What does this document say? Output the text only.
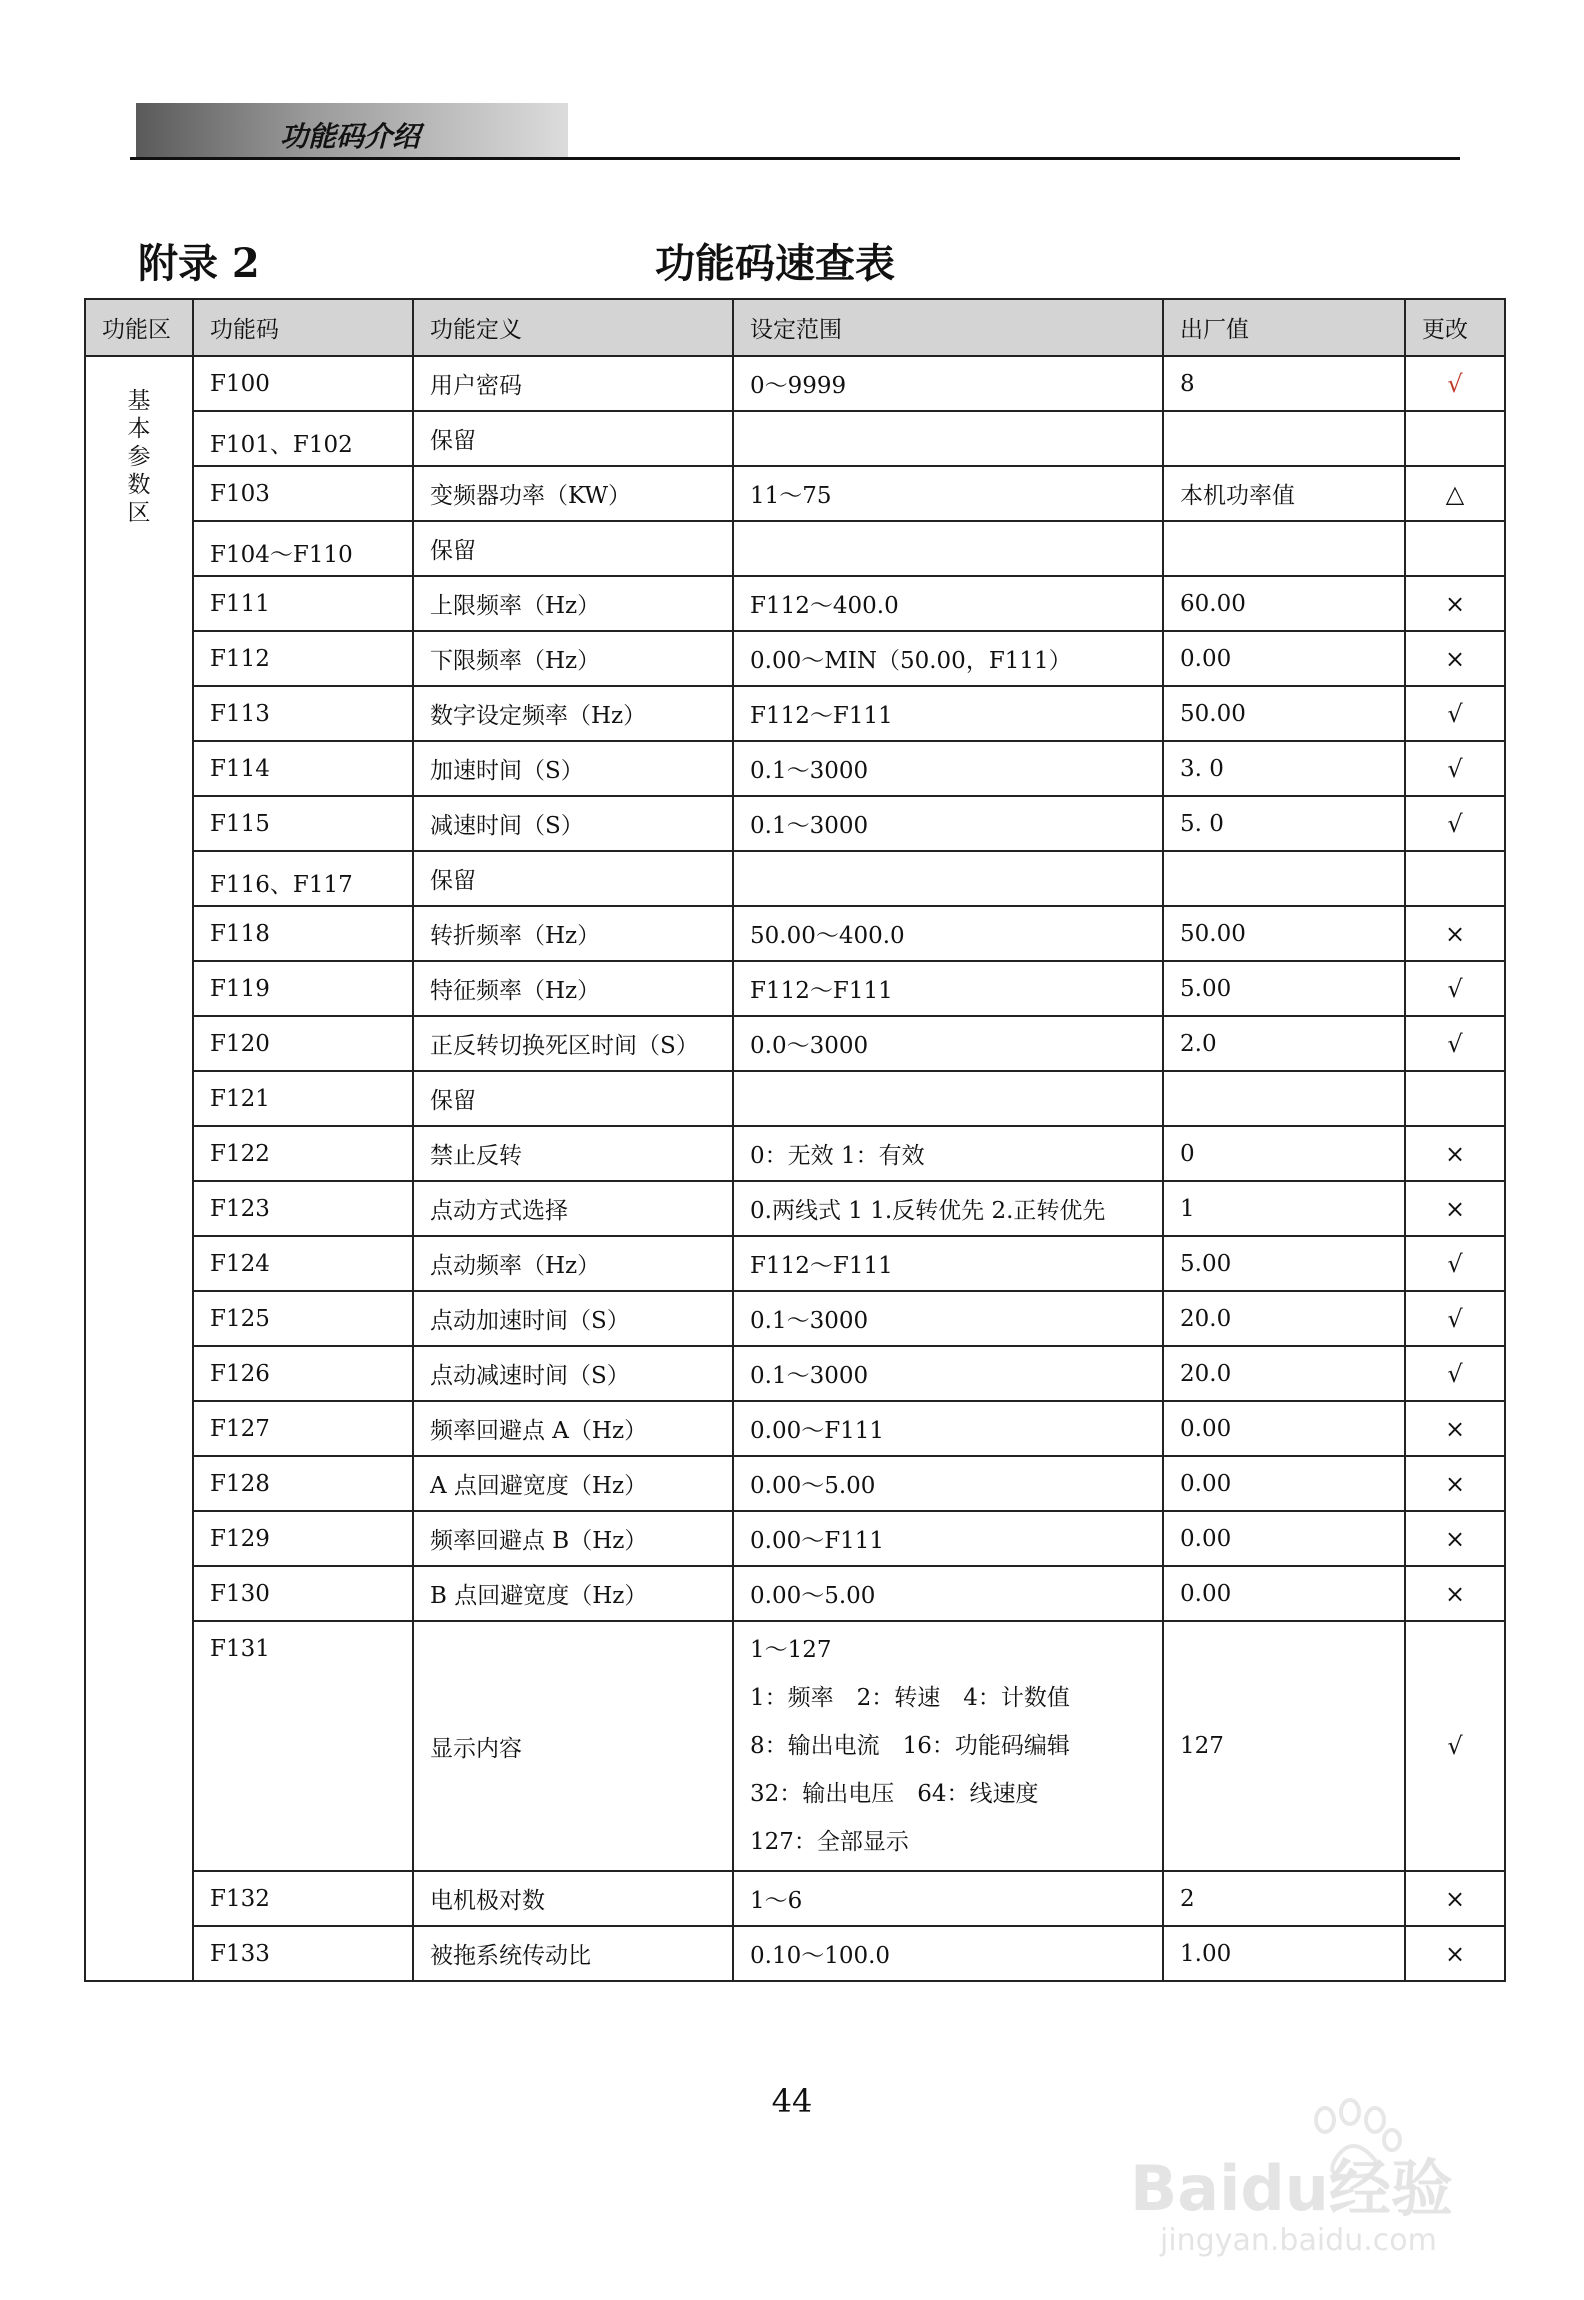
功能码介绍
附录 2	功能码速查表
功能区	功能码	功能定义	设定范围	出厂值	更改
基本参数区	F100	用户密码	0～9999	8	√
	F101、F102	保留			
	F103	变频器功率（KW）	11～75	本机功率值	△
	F104～F110	保留			
	F111	上限频率（Hz）	F112～400.0	60.00	×
	F112	下限频率（Hz）	0.00～MIN（50.00，F111）	0.00	×
	F113	数字设定频率（Hz）	F112～F111	50.00	√
	F114	加速时间（S）	0.1～3000	3. 0	√
	F115	减速时间（S）	0.1～3000	5. 0	√
	F116、F117	保留			
	F118	转折频率（Hz）	50.00～400.0	50.00	×
	F119	特征频率（Hz）	F112～F111	5.00	√
	F120	正反转切换死区时间（S）	0.0～3000	2.0	√
	F121	保留			
	F122	禁止反转	0：无效 1：有效	0	×
	F123	点动方式选择	0.两线式 1 1.反转优先 2.正转优先	1	×
	F124	点动频率（Hz）	F112～F111	5.00	√
	F125	点动加速时间（S）	0.1～3000	20.0	√
	F126	点动减速时间（S）	0.1～3000	20.0	√
	F127	频率回避点 A（Hz）	0.00～F111	0.00	×
	F128	A 点回避宽度（Hz）	0.00～5.00	0.00	×
	F129	频率回避点 B（Hz）	0.00～F111	0.00	×
	F130	B 点回避宽度（Hz）	0.00～5.00	0.00	×
	F131	显示内容	1～127
1：频率　2：转速　4：计数值
8：输出电流　16：功能码编辑
32：输出电压　64：线速度
127：全部显示	127	√
	F132	电机极对数	1～6	2	×
	F133	被拖系统传动比	0.10～100.0	1.00	×
44
Baidu经验
jingyan.baidu.com
